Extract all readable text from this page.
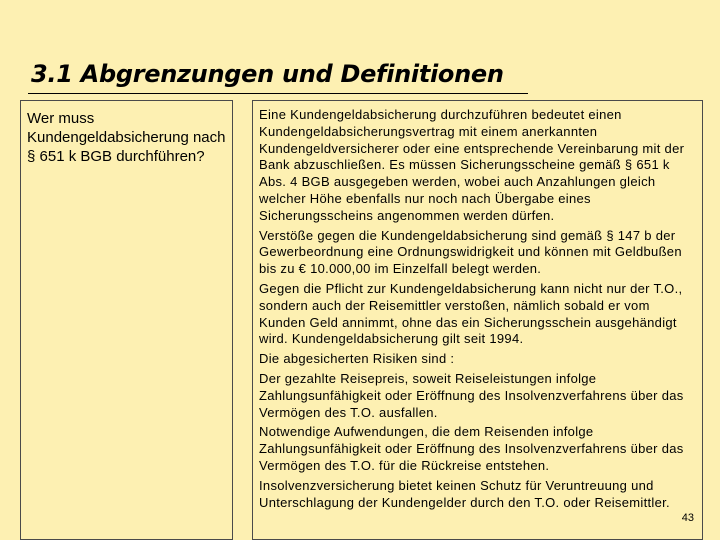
3.1 Abgrenzungen und Definitionen

Wer muss Kundengeldabsicherung nach § 651 k BGB durchführen?

Eine Kundengeldabsicherung durchzuführen bedeutet einen Kundengeldabsicherungsvertrag mit einem anerkannten Kundengeldversicherer oder eine entsprechende Vereinbarung mit der Bank abzuschließen. Es müssen Sicherungsscheine gemäß § 651 k Abs. 4 BGB ausgegeben werden, wobei auch Anzahlungen gleich welcher Höhe ebenfalls nur noch nach Übergabe eines Sicherungsscheins angenommen werden dürfen.

Verstöße gegen die Kundengeldabsicherung sind gemäß § 147 b der Gewerbeordnung eine Ordnungswidrigkeit und können mit Geldbußen bis zu € 10.000,00 im Einzelfall belegt werden.

Gegen die Pflicht zur Kundengeldabsicherung kann nicht nur der T.O., sondern auch der Reisemittler verstoßen, nämlich sobald er vom Kunden Geld annimmt, ohne das ein Sicherungsschein ausgehändigt wird. Kundengeldabsicherung gilt seit 1994.

Die abgesicherten Risiken sind :

Der gezahlte Reisepreis, soweit Reiseleistungen infolge Zahlungsunfähigkeit oder Eröffnung des Insolvenzverfahrens über das Vermögen des T.O. ausfallen.

Notwendige Aufwendungen, die dem Reisenden infolge Zahlungsunfähigkeit oder Eröffnung des Insolvenzverfahrens über das Vermögen des T.O. für die Rückreise entstehen.

Insolvenzversicherung bietet keinen Schutz für Veruntreuung und Unterschlagung der Kundengelder durch den T.O. oder Reisemittler.

43
